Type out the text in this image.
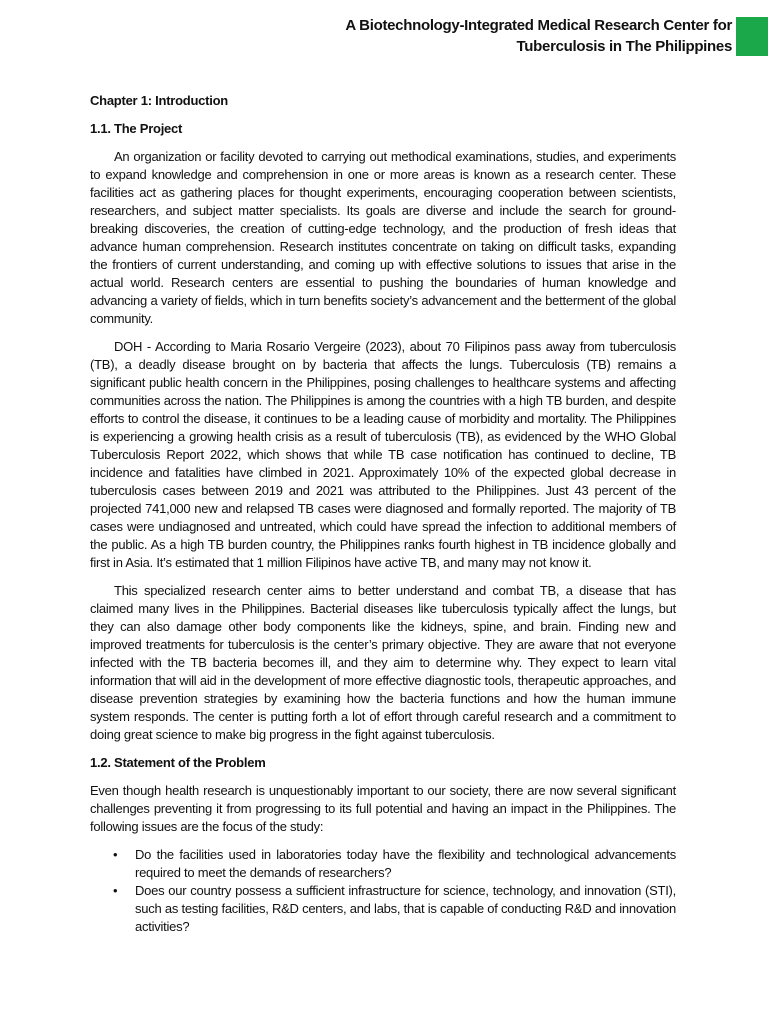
A Biotechnology-Integrated Medical Research Center for
Tuberculosis in The Philippines
Chapter 1: Introduction
1.1. The Project

An organization or facility devoted to carrying out methodical examinations, studies, and experiments to expand knowledge and comprehension in one or more areas is known as a research center. These facilities act as gathering places for thought experiments, encouraging cooperation between scientists, researchers, and subject matter specialists. Its goals are diverse and include the search for ground-breaking discoveries, the creation of cutting-edge technology, and the production of fresh ideas that advance human comprehension. Research institutes concentrate on taking on difficult tasks, expanding the frontiers of current understanding, and coming up with effective solutions to issues that arise in the actual world. Research centers are essential to pushing the boundaries of human knowledge and advancing a variety of fields, which in turn benefits society’s advancement and the betterment of the global community.

DOH - According to Maria Rosario Vergeire (2023), about 70 Filipinos pass away from tuberculosis (TB), a deadly disease brought on by bacteria that affects the lungs. Tuberculosis (TB) remains a significant public health concern in the Philippines, posing challenges to healthcare systems and affecting communities across the nation. The Philippines is among the countries with a high TB burden, and despite efforts to control the disease, it continues to be a leading cause of morbidity and mortality. The Philippines is experiencing a growing health crisis as a result of tuberculosis (TB), as evidenced by the WHO Global Tuberculosis Report 2022, which shows that while TB case notification has continued to decline, TB incidence and fatalities have climbed in 2021. Approximately 10% of the expected global decrease in tuberculosis cases between 2019 and 2021 was attributed to the Philippines. Just 43 percent of the projected 741,000 new and relapsed TB cases were diagnosed and formally reported. The majority of TB cases were undiagnosed and untreated, which could have spread the infection to additional members of the public. As a high TB burden country, the Philippines ranks fourth highest in TB incidence globally and first in Asia. It’s estimated that 1 million Filipinos have active TB, and many may not know it.

This specialized research center aims to better understand and combat TB, a disease that has claimed many lives in the Philippines. Bacterial diseases like tuberculosis typically affect the lungs, but they can also damage other body components like the kidneys, spine, and brain. Finding new and improved treatments for tuberculosis is the center’s primary objective. They are aware that not everyone infected with the TB bacteria becomes ill, and they aim to determine why. They expect to learn vital information that will aid in the development of more effective diagnostic tools, therapeutic approaches, and disease prevention strategies by examining how the bacteria functions and how the human immune system responds. The center is putting forth a lot of effort through careful research and a commitment to doing great science to make big progress in the fight against tuberculosis.

1.2. Statement of the Problem

Even though health research is unquestionably important to our society, there are now several significant challenges preventing it from progressing to its full potential and having an impact in the Philippines. The following issues are the focus of the study:

• Do the facilities used in laboratories today have the flexibility and technological advancements required to meet the demands of researchers?
• Does our country possess a sufficient infrastructure for science, technology, and innovation (STI), such as testing facilities, R&D centers, and labs, that is capable of conducting R&D and innovation activities?
